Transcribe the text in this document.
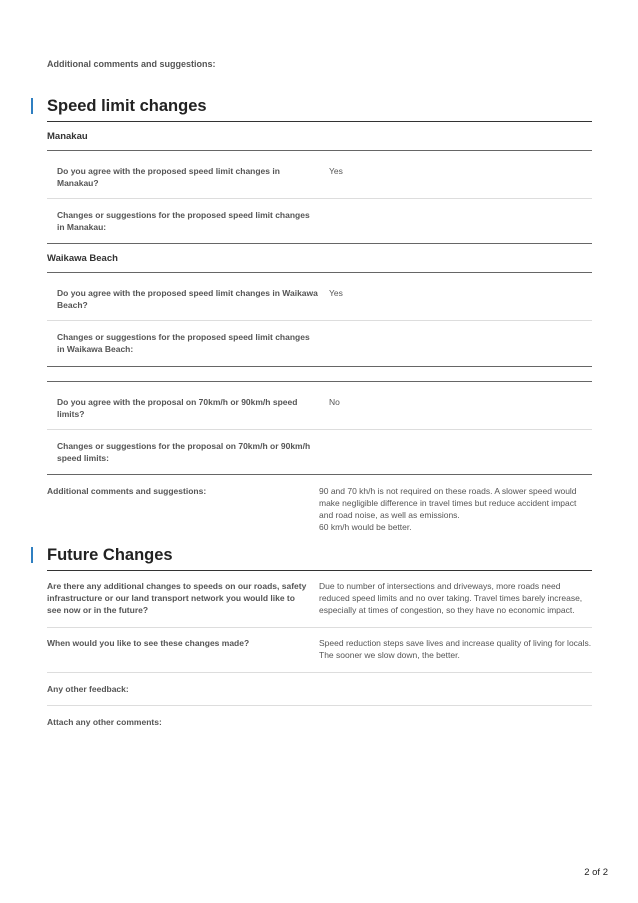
Additional comments and suggestions:
Speed limit changes
Manakau
Do you agree with the proposed speed limit changes in Manakau?
Yes
Changes or suggestions for the proposed speed limit changes in Manakau:
Waikawa Beach
Do you agree with the proposed speed limit changes in Waikawa Beach?
Yes
Changes or suggestions for the proposed speed limit changes in Waikawa Beach:
Do you agree with the proposal on 70km/h or 90km/h speed limits?
No
Changes or suggestions for the proposal on 70km/h or 90km/h speed limits:
Additional comments and suggestions:	90 and 70 kh/h is not required on these roads. A slower speed would make negligible difference in travel times but reduce accident impact and road noise, as well as emissions.
60 km/h would be better.
Future Changes
Are there any additional changes to speeds on our roads, safety infrastructure or our land transport network you would like to see now or in the future?
Due to number of intersections and driveways, more roads need reduced speed limits and no over taking. Travel times barely increase, especially at times of congestion, so they have no economic impact.
When would you like to see these changes made?	Speed reduction steps save lives and increase quality of living for locals. The sooner we slow down, the better.
Any other feedback:
Attach any other comments:
2 of 2
